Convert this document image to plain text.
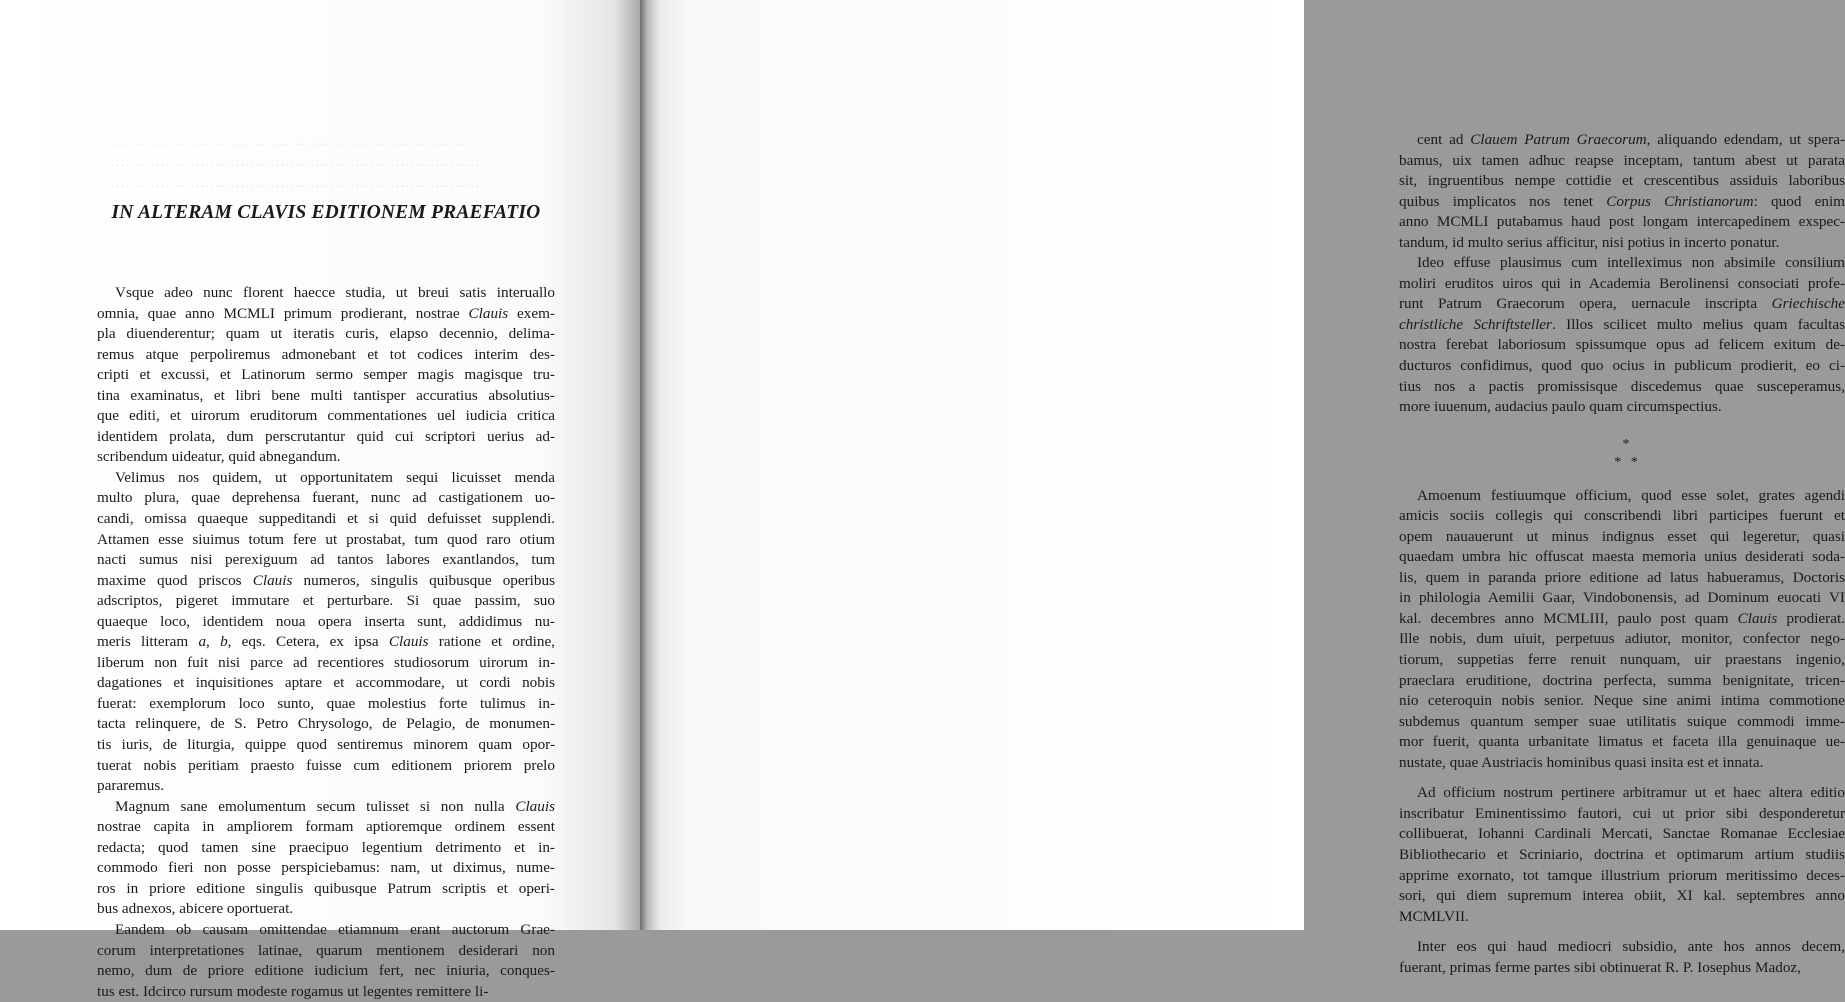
············································································
············································································
············································································
IN ALTERAM CLAVIS EDITIONEM PRAEFATIO
Vsque adeo nunc florent haecce studia, ut breui satis interuallo
omnia, quae anno MCMLI primum prodierant, nostrae Clauis exem-
pla diuenderentur; quam ut iteratis curis, elapso decennio, delima-
remus atque perpoliremus admonebant et tot codices interim des-
cripti et excussi, et Latinorum sermo semper magis magisque tru-
tina examinatus, et libri bene multi tantisper accuratius absolutius-
que editi, et uirorum eruditorum commentationes uel iudicia critica
identidem prolata, dum perscrutantur quid cui scriptori uerius ad-
scribendum uideatur, quid abnegandum.
Velimus nos quidem, ut opportunitatem sequi licuisset menda
multo plura, quae deprehensa fuerant, nunc ad castigationem uo-
candi, omissa quaeque suppeditandi et si quid defuisset supplendi.
Attamen esse siuimus totum fere ut prostabat, tum quod raro otium
nacti sumus nisi perexiguum ad tantos labores exantlandos, tum
maxime quod priscos Clauis numeros, singulis quibusque operibus
adscriptos, pigeret immutare et perturbare. Si quae passim, suo
quaeque loco, identidem noua opera inserta sunt, addidimus nu-
meris litteram a, b, eqs. Cetera, ex ipsa Clauis ratione et ordine,
liberum non fuit nisi parce ad recentiores studiosorum uirorum in-
dagationes et inquisitiones aptare et accommodare, ut cordi nobis
fuerat: exemplorum loco sunto, quae molestius forte tulimus in-
tacta relinquere, de S. Petro Chrysologo, de Pelagio, de monumen-
tis iuris, de liturgia, quippe quod sentiremus minorem quam opor-
tuerat nobis peritiam praesto fuisse cum editionem priorem prelo
pararemus.
Magnum sane emolumentum secum tulisset si non nulla Clauis
nostrae capita in ampliorem formam aptioremque ordinem essent
redacta; quod tamen sine praecipuo legentium detrimento et in-
commodo fieri non posse perspiciebamus: nam, ut diximus, nume-
ros in priore editione singulis quibusque Patrum scriptis et operi-
bus adnexos, abicere oportuerat.
Eandem ob causam omittendae etiamnum erant auctorum Grae-
corum interpretationes latinae, quarum mentionem desiderari non
nemo, dum de priore editione iudicium fert, nec iniuria, conques-
tus est. Idcirco rursum modeste rogamus ut legentes remittere li-
cent ad Clauem Patrum Graecorum, aliquando edendam, ut spera-
bamus, uix tamen adhuc reapse inceptam, tantum abest ut parata
sit, ingruentibus nempe cottidie et crescentibus assiduis laboribus
quibus implicatos nos tenet Corpus Christianorum: quod enim
anno MCMLI putabamus haud post longam intercapedinem exspec-
tandum, id multo serius afficitur, nisi potius in incerto ponatur.
Ideo effuse plausimus cum intelleximus non absimile consilium
moliri eruditos uiros qui in Academia Berolinensi consociati profe-
runt Patrum Graecorum opera, uernacule inscripta Griechische
christliche Schriftsteller. Illos scilicet multo melius quam facultas
nostra ferebat laboriosum spissumque opus ad felicem exitum de-
ducturos confidimus, quod quo ocius in publicum prodierit, eo ci-
tius nos a pactis promissisque discedemus quae susceperamus,
more iuuenum, audacius paulo quam circumspectius.
*
* *
Amoenum festiuumque officium, quod esse solet, grates agendi
amicis sociis collegis qui conscribendi libri participes fuerunt et
opem nauauerunt ut minus indignus esset qui legeretur, quasi
quaedam umbra hic offuscat maesta memoria unius desiderati soda-
lis, quem in paranda priore editione ad latus habueramus, Doctoris
in philologia Aemilii Gaar, Vindobonensis, ad Dominum euocati VI
kal. decembres anno MCMLIII, paulo post quam Clauis prodierat.
Ille nobis, dum uiuit, perpetuus adiutor, monitor, confector nego-
tiorum, suppetias ferre renuit nunquam, uir praestans ingenio,
praeclara eruditione, doctrina perfecta, summa benignitate, tricen-
nio ceteroquin nobis senior. Neque sine animi intima commotione
subdemus quantum semper suae utilitatis suique commodi imme-
mor fuerit, quanta urbanitate limatus et faceta illa genuinaque ue-
nustate, quae Austriacis hominibus quasi insita est et innata.
Ad officium nostrum pertinere arbitramur ut et haec altera editio
inscribatur Eminentissimo fautori, cui ut prior sibi desponderetur
collibuerat, Iohanni Cardinali Mercati, Sanctae Romanae Ecclesiae
Bibliothecario et Scriniario, doctrina et optimarum artium studiis
apprime exornato, tot tamque illustrium priorum meritissimo deces-
sori, qui diem supremum interea obiit, XI kal. septembres anno
MCMLVII.
Inter eos qui haud mediocri subsidio, ante hos annos decem,
fuerant, primas ferme partes sibi obtinuerat R. P. Iosephus Madoz,
